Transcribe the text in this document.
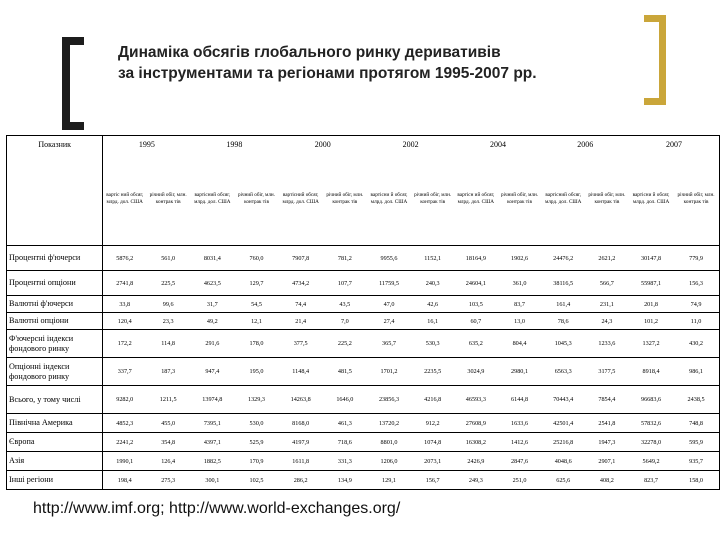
Динаміка обсягів глобального ринку деривативів
за інструментами та регіонами протягом 1995-2007 рр.
Показник	1995		1998		2000		2002		2004		2006		2007	
	вартіс ний обсяг, млрд. дол. США	річний обіг, млн. контрак тів	вартісний обсяг, млрд. дол. США	річний обіг, млн. контрак тів	вартісний обсяг, млрд. дол. США	річний обіг, млн. контрак тів	вартісни й обсяг, млрд. дол. США	річний обіг, млн. контрак тів	вартісн ий обсяг, млрд. дол. США	річний обіг, млн. контрак тів	вартісний обсяг, млрд. дол. США	річний обіг, млн. контрак тів	вартісни й обсяг, млрд. дол. США	річний обіг, млн. контрак тів
Процентні ф'ючерси	5876,2	561,0	8031,4	760,0	7907,8	781,2	9955,6	1152,1	18164,9	1902,6	24476,2	2621,2	30147,8	779,9
Процентні опціони	2741,8	225,5	4623,5	129,7	4734,2	107,7	11759,5	240,3	24604,1	361,0	38116,5	566,7	55987,1	156,3
Валютні ф'ючерси	33,8	99,6	31,7	54,5	74,4	43,5	47,0	42,6	103,5	83,7	161,4	231,1	201,8	74,9
Валютні опціони	120,4	23,3	49,2	12,1	21,4	7,0	27,4	16,1	60,7	13,0	78,6	24,3	101,2	11,0
Ф'ючерсні індекси фондового ринку	172,2	114,8	291,6	178,0	377,5	225,2	365,7	530,3	635,2	804,4	1045,3	1233,6	1327,2	430,2
Опціонні індекси фондового ринку	337,7	187,3	947,4	195,0	1148,4	481,5	1701,2	2235,5	3024,9	2980,1	6563,3	3177,5	8918,4	986,1
Всього, у тому числі	9282,0	1211,5	13974,8	1329,3	14263,8	1646,0	23856,3	4216,8	46593,3	6144,8	70443,4	7854,4	96683,6	2438,5
Північна Америка	4852,3	455,0	7395,1	530,0	8168,0	461,3	13720,2	912,2	27608,9	1633,6	42501,4	2541,8	57832,6	748,8
Європа	2241,2	354,8	4397,1	525,9	4197,9	718,6	8801,0	1074,8	16308,2	1412,6	25216,8	1947,3	32278,0	595,9
Азія	1990,1	126,4	1882,5	170,9	1611,8	331,3	1206,0	2073,1	2426,9	2847,6	4048,6	2907,1	5649,2	935,7
Інші регіони	198,4	275,3	300,1	102,5	286,2	134,9	129,1	156,7	249,3	251,0	625,6	408,2	823,7	158,0
http://www.imf.org; http://www.world-exchanges.org/
